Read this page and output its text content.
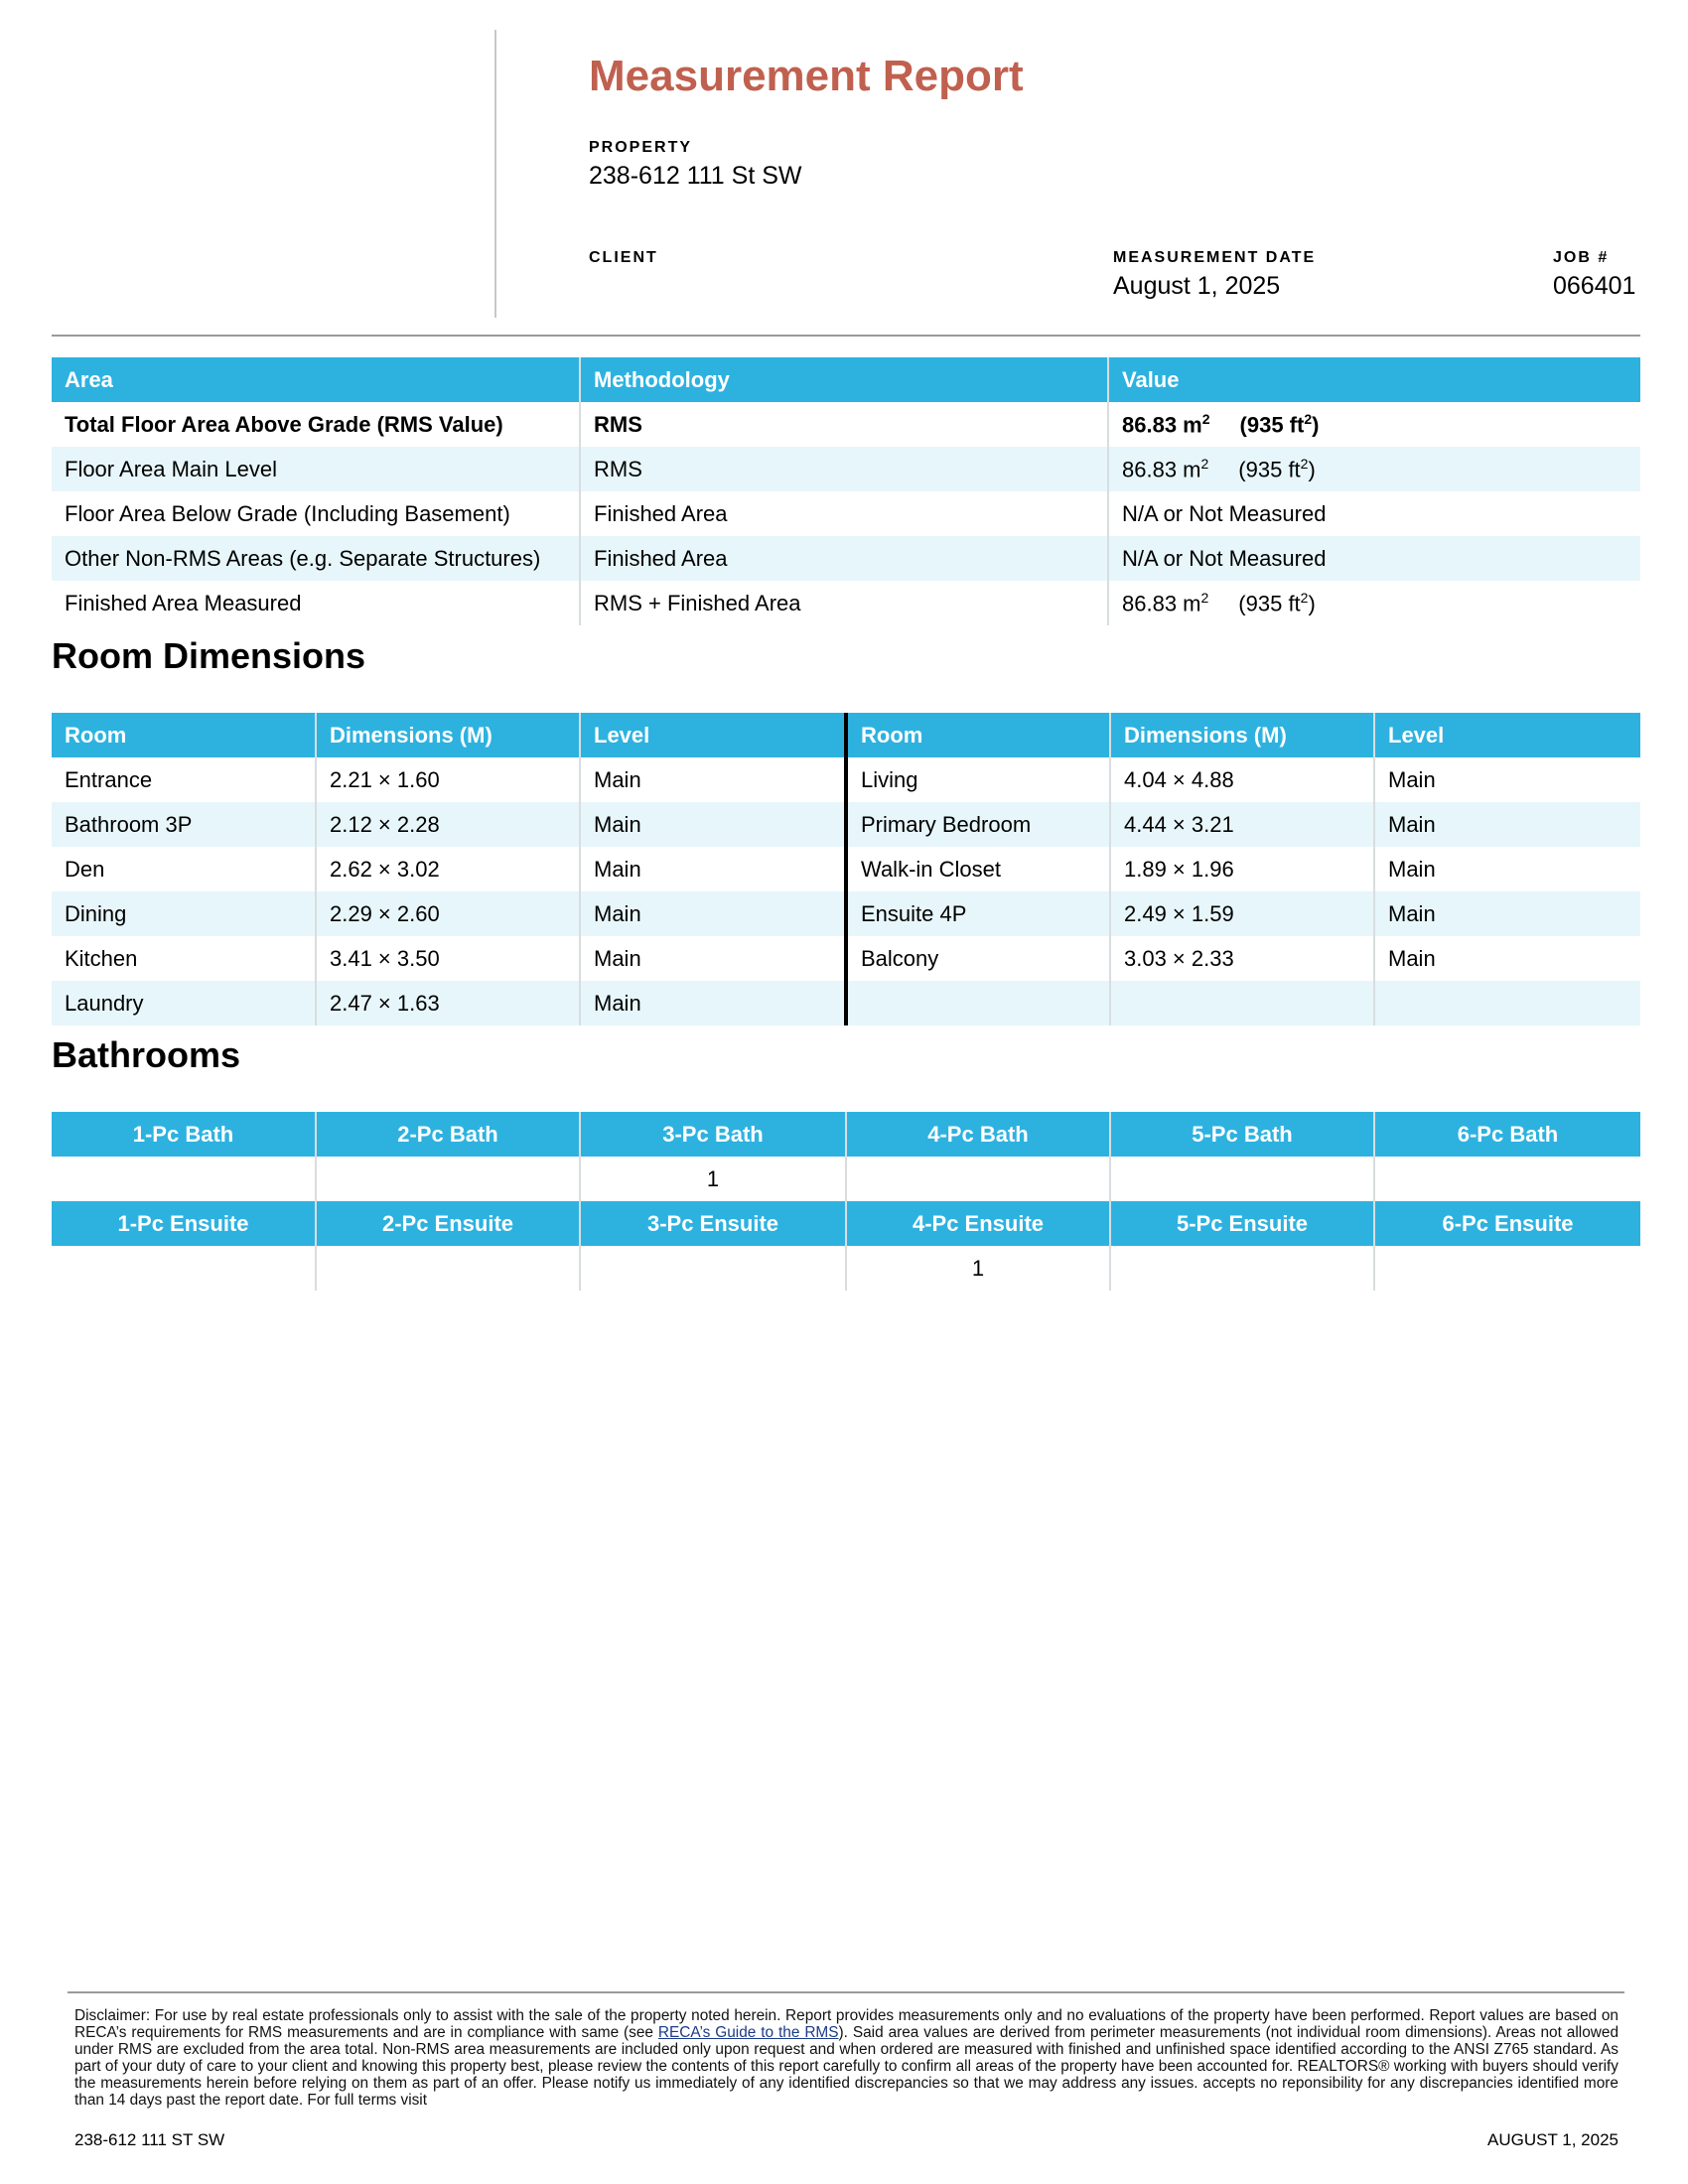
Measurement Report
PROPERTY
238-612 111 St SW
CLIENT	MEASUREMENT DATE
August 1, 2025
JOB #
066401
Area	Methodology	Value
Total Floor Area Above Grade (RMS Value)	RMS	86.83 $m^2$ (935 $ft^2$)
Floor Area Main Level	RMS	86.83 $m^2$ (935 $ft^2$)
Floor Area Below Grade (Including Basement)	Finished Area	N/A or Not Measured
Other Non-RMS Areas (e.g. Separate Structures)	Finished Area	N/A or Not Measured
Finished Area Measured	RMS + Finished Area	86.83 $m^2$ (935 $ft^2$)
Room Dimensions
Room	Dimensions (M)	Level	Room	Dimensions (M)	Level
Entrance	2.21 × 1.60	Main	Living	4.04 × 4.88	Main
Bathroom 3P	2.12 × 2.28	Main	Primary Bedroom	4.44 × 3.21	Main
Den	2.62 × 3.02	Main	Walk-in Closet	1.89 × 1.96	Main
Dining	2.29 × 2.60	Main	Ensuite 4P	2.49 × 1.59	Main
Kitchen	3.41 × 3.50	Main	Balcony	3.03 × 2.33	Main
Laundry	2.47 × 1.63	Main			
Bathrooms
1-Pc Bath	2-Pc Bath	3-Pc Bath	4-Pc Bath	5-Pc Bath	6-Pc Bath
		1			
1-Pc Ensuite	2-Pc Ensuite	3-Pc Ensuite	4-Pc Ensuite	5-Pc Ensuite	6-Pc Ensuite
			1		
Disclaimer: For use by real estate professionals only to assist with the sale of the property noted herein. Report provides measurements only and no evaluations of the property have been performed. Report values are based on RECA’s requirements for RMS measurements and are in compliance with same (see RECA’s Guide to the RMS). Said area values are derived from perimeter measurements (not individual room dimensions). Areas not allowed under RMS are excluded from the area total. Non-RMS area measurements are included only upon request and when ordered are measured with finished and unfinished space identified according to the ANSI Z765 standard. As part of your duty of care to your client and knowing this property best, please review the contents of this report carefully to confirm all areas of the property have been accounted for. REALTORS® working with buyers should verify the measurements herein before relying on them as part of an offer. Please notify us immediately of any identified discrepancies so that we may address any issues. accepts no reponsibility for any discrepancies identified more than 14 days past the report date. For full terms visit
238-612 111 ST SW	AUGUST 1, 2025
